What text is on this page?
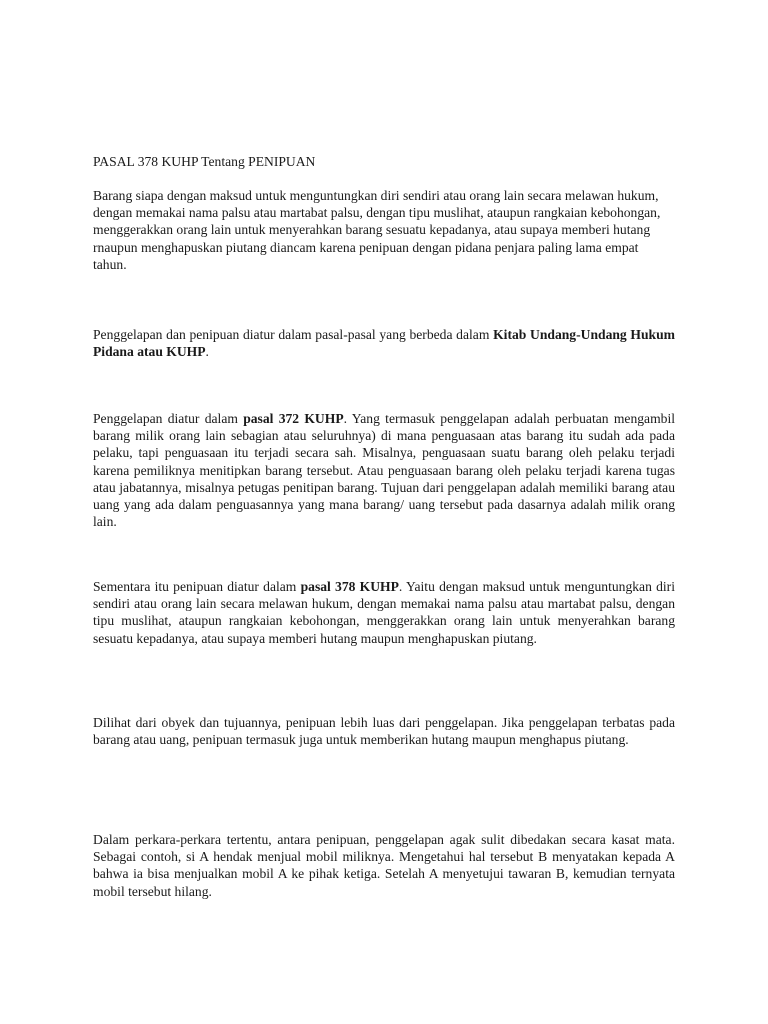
PASAL 378 KUHP Tentang PENIPUAN

Barang siapa dengan maksud untuk menguntungkan diri sendiri atau orang lain secara melawan hukum, dengan memakai nama palsu atau martabat palsu, dengan tipu muslihat, ataupun rangkaian kebohongan, menggerakkan orang lain untuk menyerahkan barang sesuatu kepadanya, atau supaya memberi hutang rnaupun menghapuskan piutang diancam karena penipuan dengan pidana penjara paling lama empat tahun.

Penggelapan dan penipuan diatur dalam pasal-pasal yang berbeda dalam Kitab Undang-Undang Hukum Pidana atau KUHP.

Penggelapan diatur dalam pasal 372 KUHP. Yang termasuk penggelapan adalah perbuatan mengambil barang milik orang lain sebagian atau seluruhnya) di mana penguasaan atas barang itu sudah ada pada pelaku, tapi penguasaan itu terjadi secara sah. Misalnya, penguasaan suatu barang oleh pelaku terjadi karena pemiliknya menitipkan barang tersebut. Atau penguasaan barang oleh pelaku terjadi karena tugas atau jabatannya, misalnya petugas penitipan barang. Tujuan dari penggelapan adalah memiliki barang atau uang yang ada dalam penguasannya yang mana barang/ uang tersebut pada dasarnya adalah milik orang lain.

Sementara itu penipuan diatur dalam pasal 378 KUHP. Yaitu dengan maksud untuk menguntungkan diri sendiri atau orang lain secara melawan hukum, dengan memakai nama palsu atau martabat palsu, dengan tipu muslihat, ataupun rangkaian kebohongan, menggerakkan orang lain untuk menyerahkan barang sesuatu kepadanya, atau supaya memberi hutang maupun menghapuskan piutang.

Dilihat dari obyek dan tujuannya, penipuan lebih luas dari penggelapan. Jika penggelapan terbatas pada barang atau uang, penipuan termasuk juga untuk memberikan hutang maupun menghapus piutang.

Dalam perkara-perkara tertentu, antara penipuan, penggelapan agak sulit dibedakan secara kasat mata. Sebagai contoh, si A hendak menjual mobil miliknya. Mengetahui hal tersebut B menyatakan kepada A bahwa ia bisa menjualkan mobil A ke pihak ketiga. Setelah A menyetujui tawaran B, kemudian ternyata mobil tersebut hilang.
